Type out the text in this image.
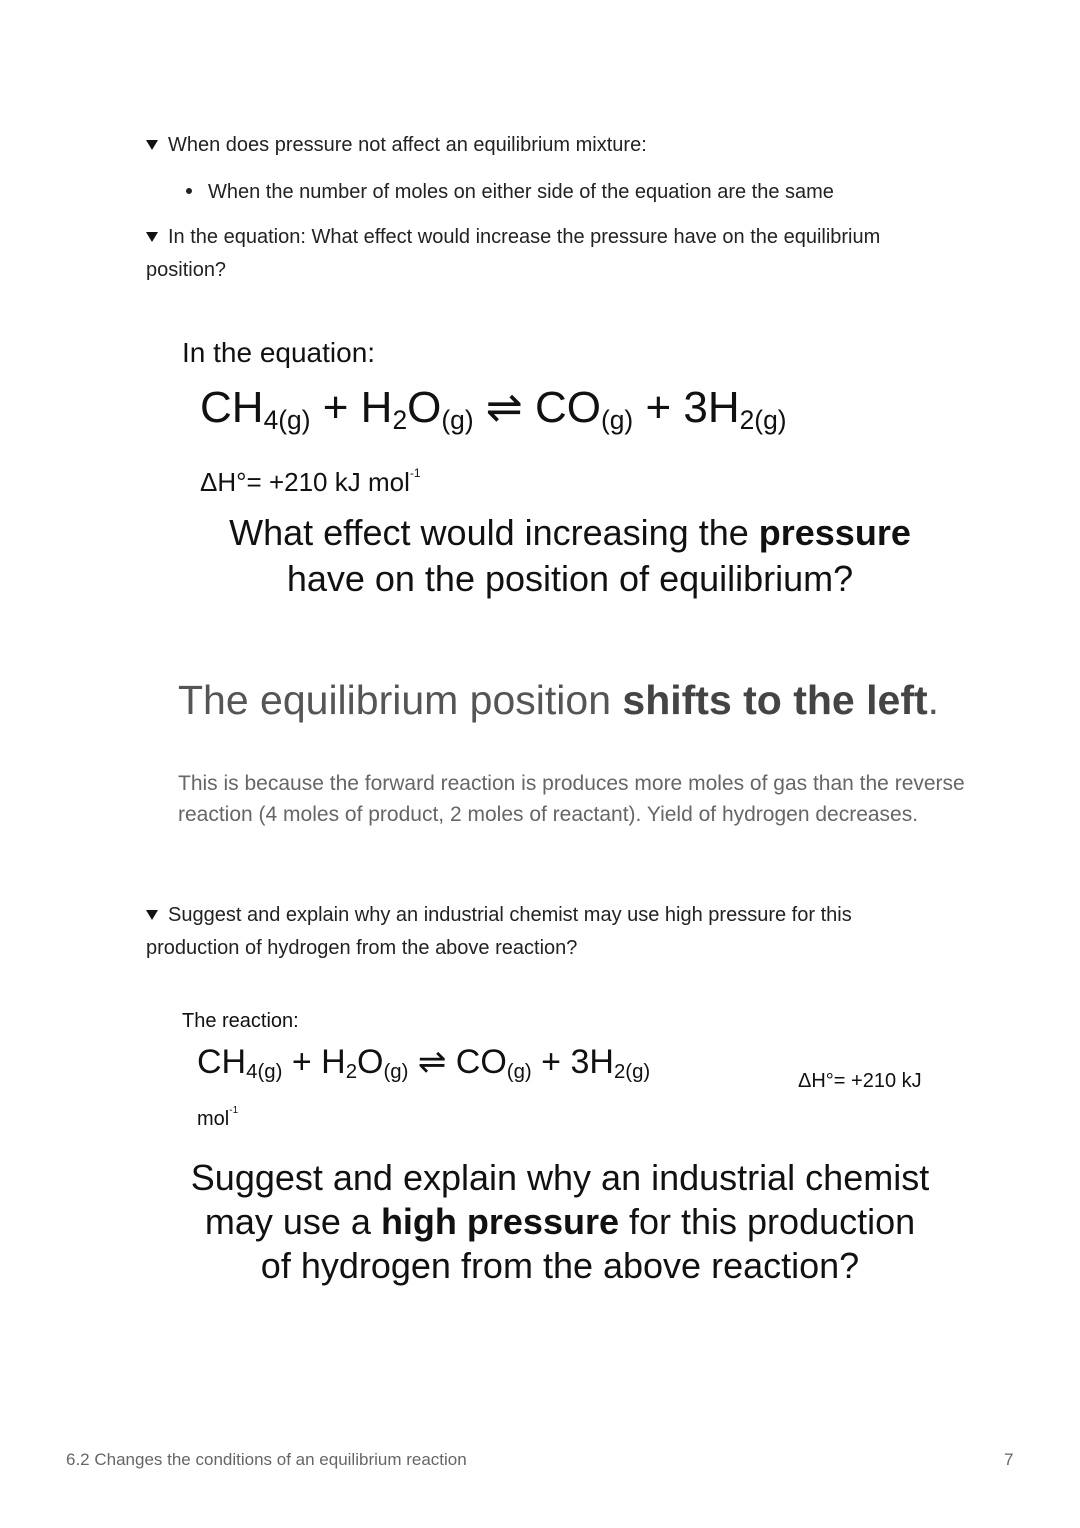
When does pressure not affect an equilibrium mixture:
When the number of moles on either side of the equation are the same
In the equation: What effect would increase the pressure have on the equilibrium
position?
In the equation:
CH4(g) + H2O(g) ⇌ CO(g) + 3H2(g)
ΔH°= +210 kJ mol$^{-1}$
What effect would increasing the pressure
have on the position of equilibrium?
The equilibrium position shifts to the left.
This is because the forward reaction is produces more moles of gas than the reverse reaction (4 moles of product, 2 moles of reactant). Yield of hydrogen decreases.
Suggest and explain why an industrial chemist may use high pressure for this
production of hydrogen from the above reaction?
The reaction:
CH4(g) + H2O(g) ⇌ CO(g) + 3H2(g)	ΔH°= +210 kJ
mol$^{-1}$
Suggest and explain why an industrial chemist
may use a high pressure for this production
of hydrogen from the above reaction?
6.2 Changes the conditions of an equilibrium reaction	7
